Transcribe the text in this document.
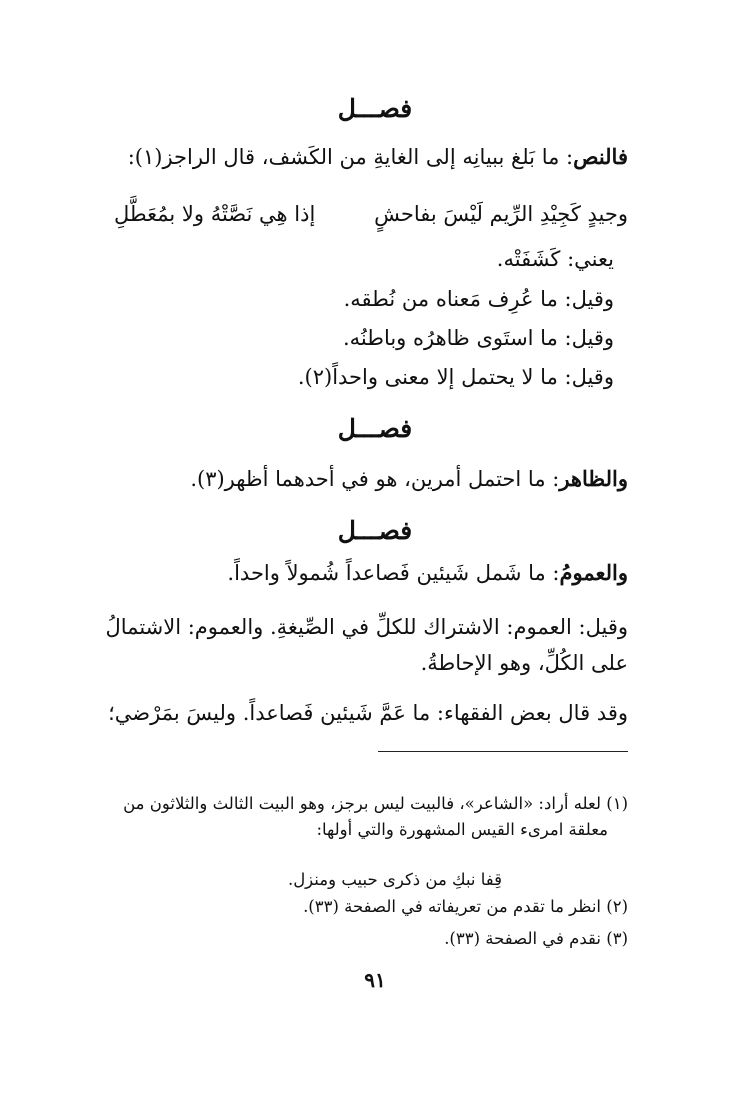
فصـــل
فالنص: ما بَلغ ببيانِه إلى الغايةِ من الكَشف، قال الراجز(١):
وجيدٍ كَجِيْدِ الرِّيم لَيْسَ بفاحشٍ
إذا هِي نَصَّتْهُ ولا بمُعَطَّلِ
يعني: كَشَفَتْه.
وقيل: ما عُرِف مَعناه من نُطقه.
وقيل: ما استَوى ظاهرُه وباطنُه.
وقيل: ما لا يحتمل إلا معنى واحداً(٢).
فصـــل
والظاهر: ما احتمل أمرين، هو في أحدهما أظهر(٣).
فصـــل
والعمومُ: ما شَمل شَيئين فَصاعداً شُمولاً واحداً.
وقيل: العموم: الاشتراك للكلِّ في الصِّيغةِ. والعموم: الاشتمالُ
على الكُلِّ، وهو الإحاطةُ.
وقد قال بعض الفقهاء: ما عَمَّ شَيئين فَصاعداً. وليسَ بمَرْضي؛
(١) لعله أراد: «الشاعر»، فالبيت ليس برجز، وهو البيت الثالث والثلاثون من
معلقة امرىء القيس المشهورة والتي أولها:
قِفا نبكِ من ذكرى حبيب ومنزل.
(٢) انظر ما تقدم من تعريفاته في الصفحة (٣٣).
(٣) نقدم في الصفحة (٣٣).
٩١
